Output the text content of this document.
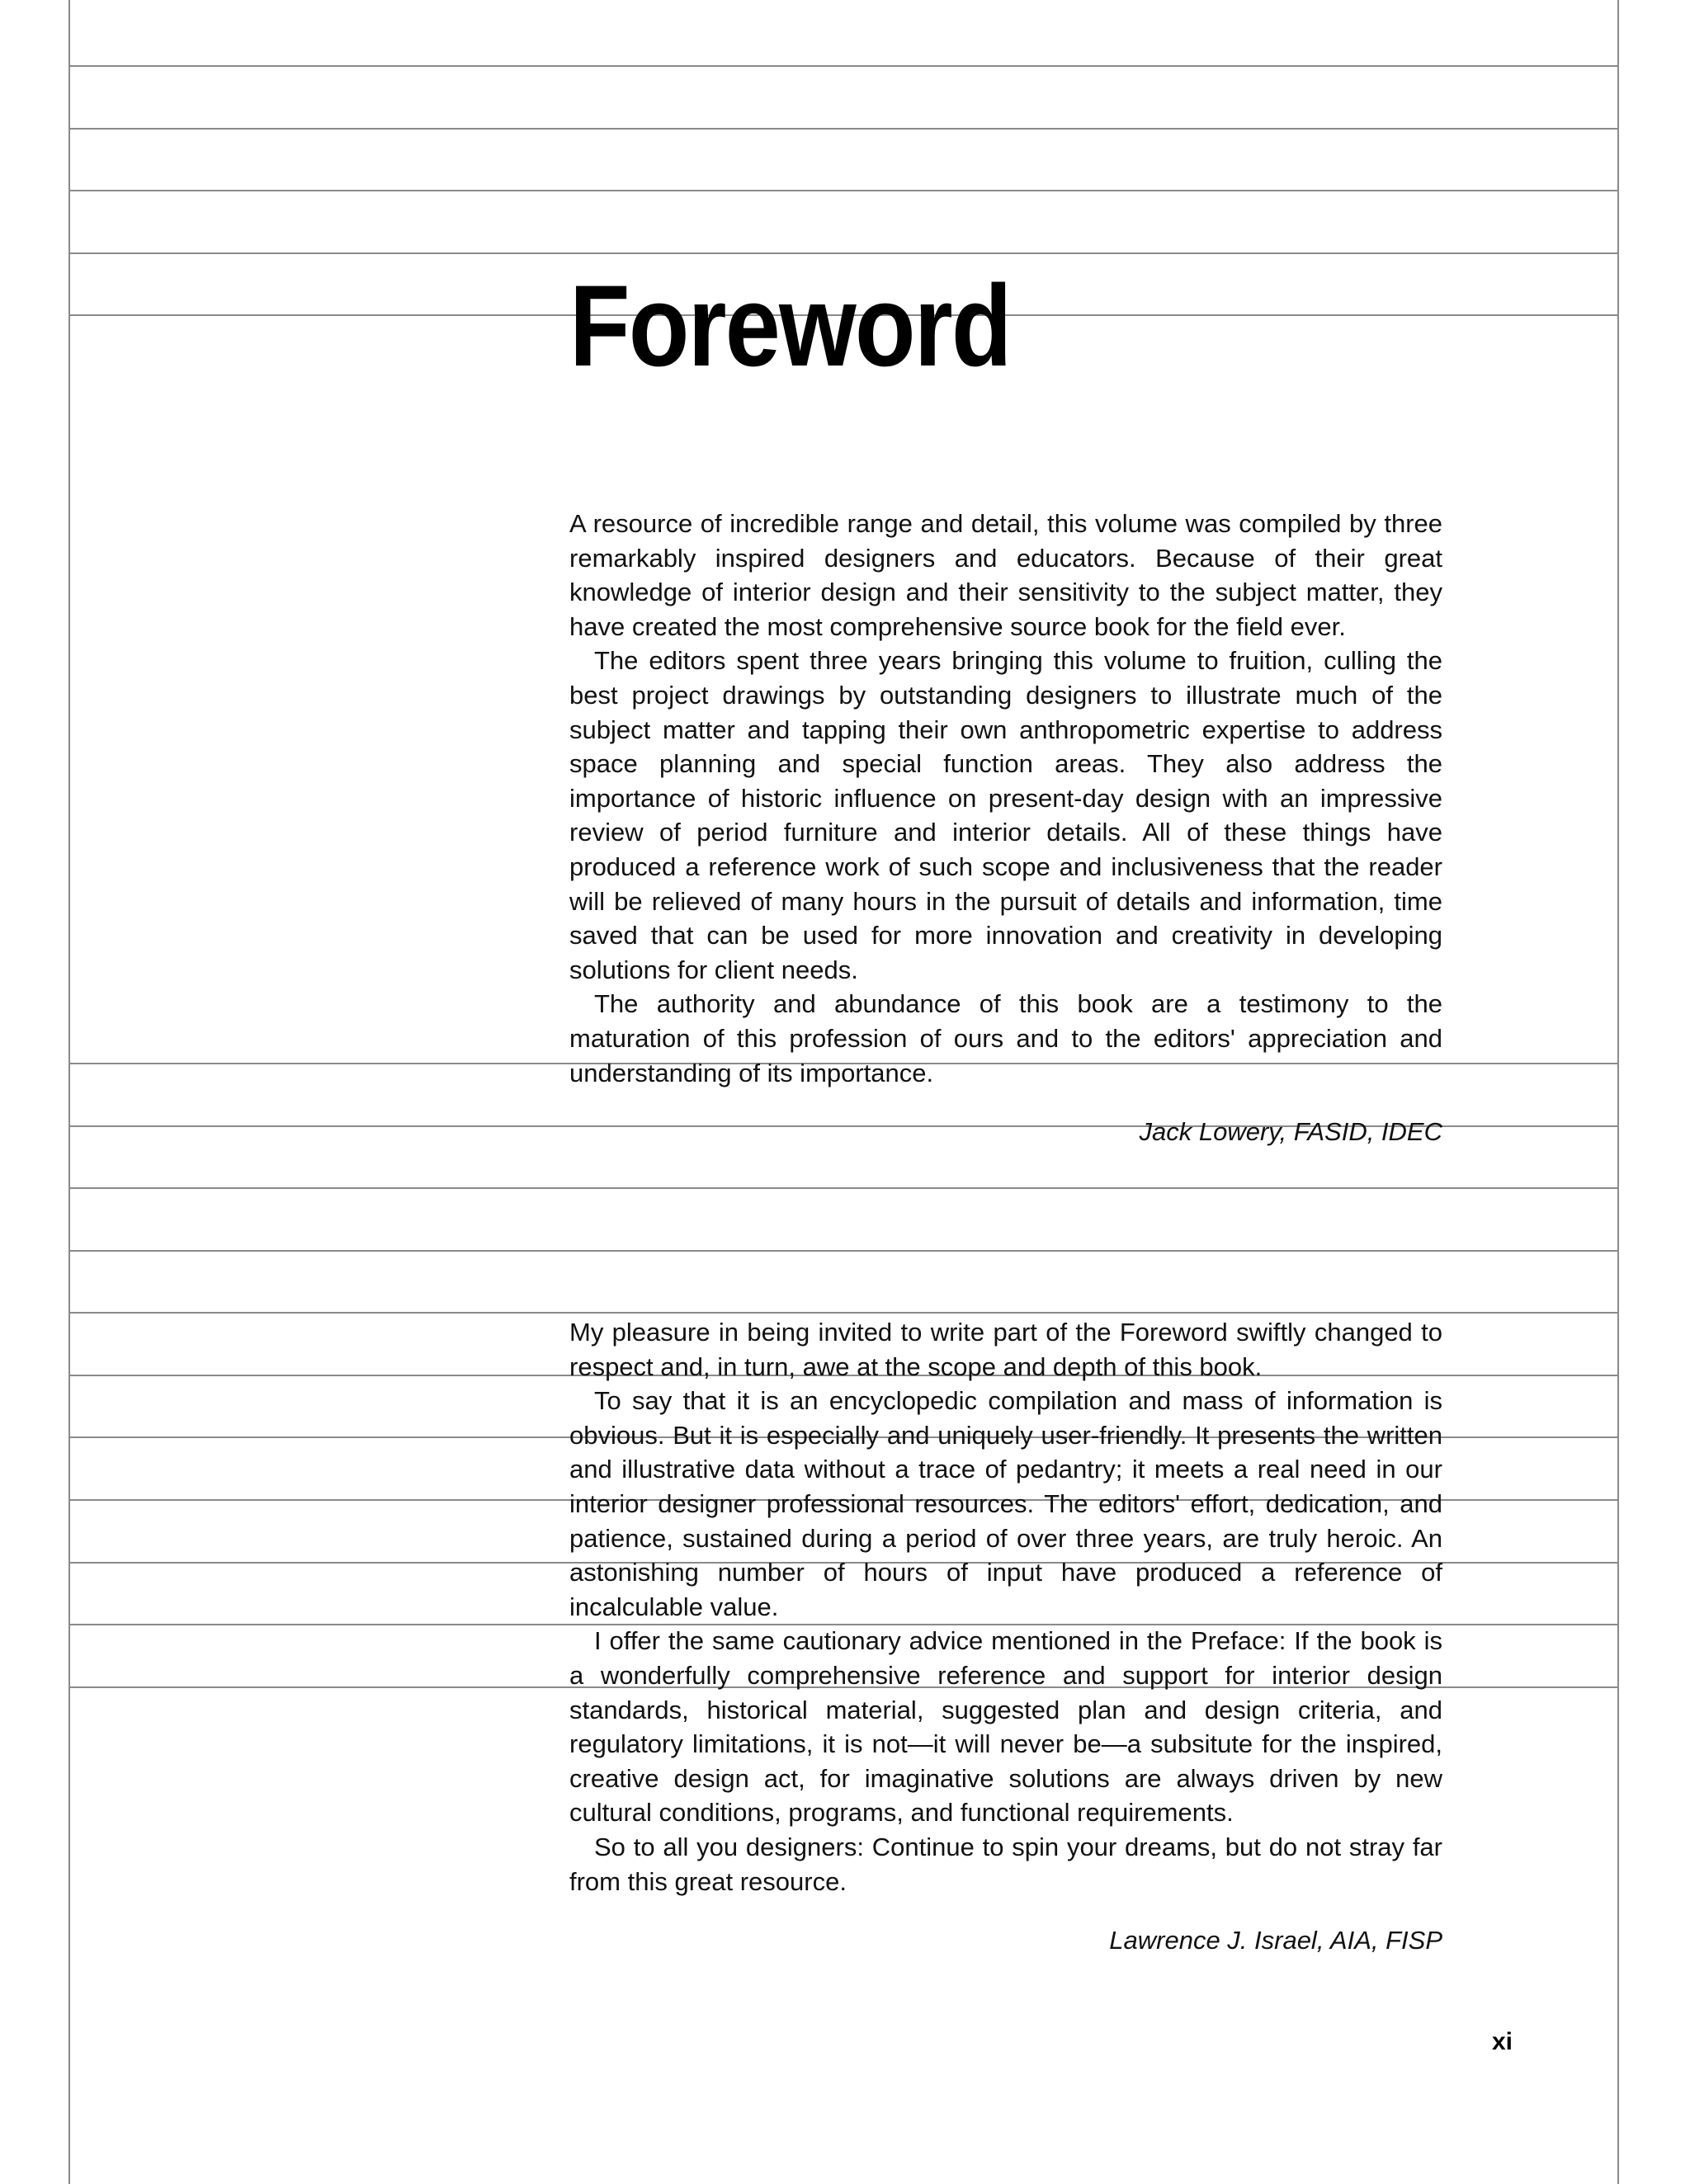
Foreword

A resource of incredible range and detail, this volume was compiled by three remarkably inspired designers and educators. Because of their great knowledge of interior design and their sensitivity to the subject matter, they have created the most comprehensive source book for the field ever.

The editors spent three years bringing this volume to fruition, culling the best project drawings by outstanding designers to illustrate much of the subject matter and tapping their own anthropometric expertise to address space planning and special function areas. They also address the importance of historic influence on present-day design with an impressive review of period furniture and interior details. All of these things have produced a reference work of such scope and inclusiveness that the reader will be relieved of many hours in the pursuit of details and information, time saved that can be used for more innovation and creativity in developing solutions for client needs.

The authority and abundance of this book are a testimony to the maturation of this profession of ours and to the editors' appreciation and understanding of its importance.

Jack Lowery, FASID, IDEC

My pleasure in being invited to write part of the Foreword swiftly changed to respect and, in turn, awe at the scope and depth of this book.

To say that it is an encyclopedic compilation and mass of information is obvious. But it is especially and uniquely user-friendly. It presents the written and illustrative data without a trace of pedantry; it meets a real need in our interior designer professional resources. The editors' effort, dedication, and patience, sustained during a period of over three years, are truly heroic. An astonishing number of hours of input have produced a reference of incalculable value.

I offer the same cautionary advice mentioned in the Preface: If the book is a wonderfully comprehensive reference and support for interior design standards, historical material, suggested plan and design criteria, and regulatory limitations, it is not—it will never be—a subsitute for the inspired, creative design act, for imaginative solutions are always driven by new cultural conditions, programs, and functional requirements.

So to all you designers: Continue to spin your dreams, but do not stray far from this great resource.

Lawrence J. Israel, AIA, FISP
xi
